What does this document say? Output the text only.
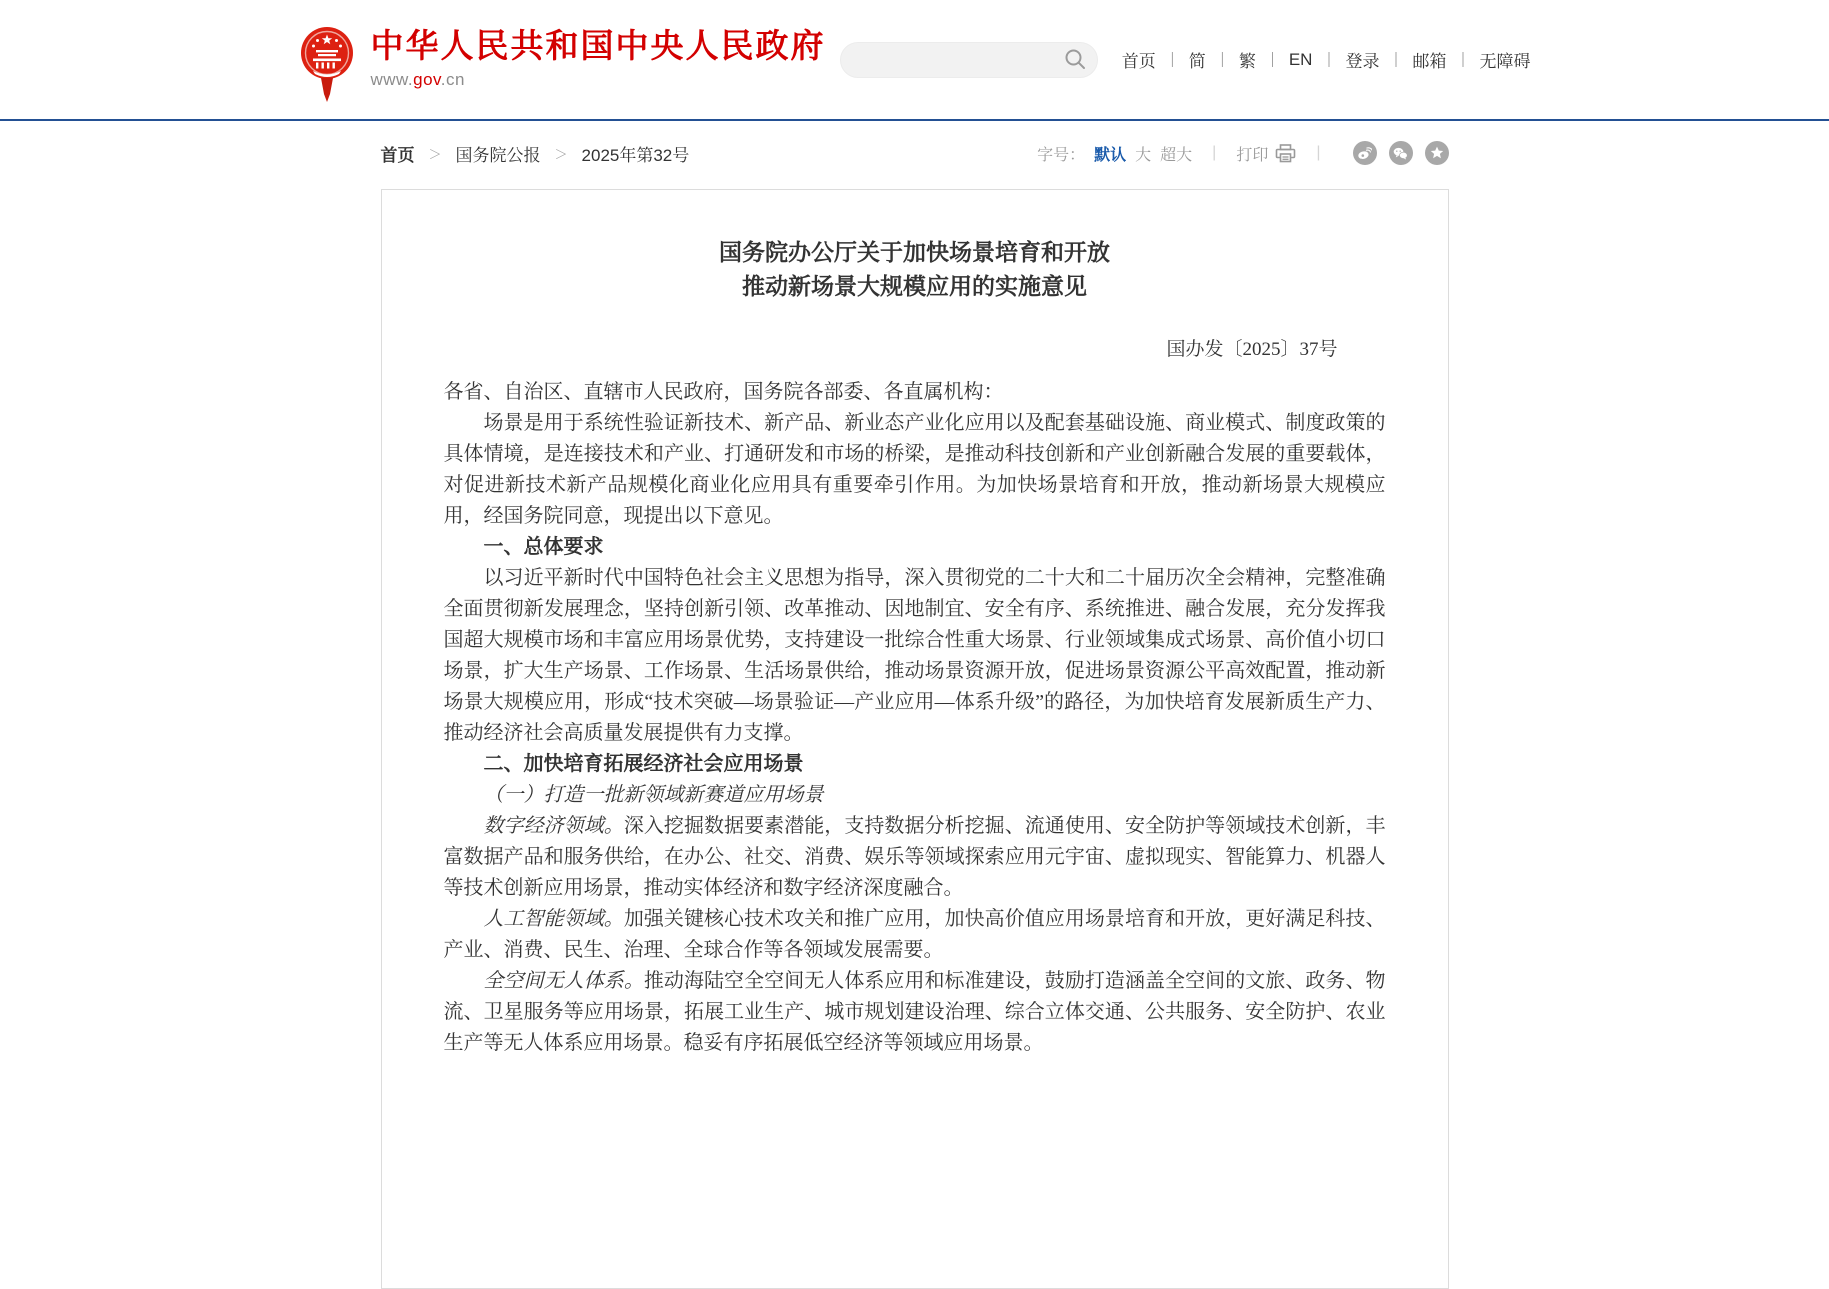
中华人民共和国中央人民政府
www.gov.cn
首页 ｜ 简 ｜ 繁 ｜ EN ｜ 登录 ｜ 邮箱 ｜ 无障碍
首页 ＞ 国务院公报 ＞ 2025年第32号	字号： 默认 大 超大 | 打印	|
国务院办公厅关于加快场景培育和开放
推动新场景大规模应用的实施意见
国办发〔2025〕37号

各省、自治区、直辖市人民政府，国务院各部委、各直属机构：

场景是用于系统性验证新技术、新产品、新业态产业化应用以及配套基础设施、商业模式、制度政策的具体情境，是连接技术和产业、打通研发和市场的桥梁，是推动科技创新和产业创新融合发展的重要载体，对促进新技术新产品规模化商业化应用具有重要牵引作用。为加快场景培育和开放，推动新场景大规模应用，经国务院同意，现提出以下意见。

一、总体要求

以习近平新时代中国特色社会主义思想为指导，深入贯彻党的二十大和二十届历次全会精神，完整准确全面贯彻新发展理念，坚持创新引领、改革推动、因地制宜、安全有序、系统推进、融合发展，充分发挥我国超大规模市场和丰富应用场景优势，支持建设一批综合性重大场景、行业领域集成式场景、高价值小切口场景，扩大生产场景、工作场景、生活场景供给，推动场景资源开放，促进场景资源公平高效配置，推动新场景大规模应用，形成“技术突破—场景验证—产业应用—体系升级”的路径，为加快培育发展新质生产力、推动经济社会高质量发展提供有力支撑。

二、加快培育拓展经济社会应用场景

（一）打造一批新领域新赛道应用场景

数字经济领域。深入挖掘数据要素潜能，支持数据分析挖掘、流通使用、安全防护等领域技术创新，丰富数据产品和服务供给，在办公、社交、消费、娱乐等领域探索应用元宇宙、虚拟现实、智能算力、机器人等技术创新应用场景，推动实体经济和数字经济深度融合。

人工智能领域。加强关键核心技术攻关和推广应用，加快高价值应用场景培育和开放，更好满足科技、产业、消费、民生、治理、全球合作等各领域发展需要。

全空间无人体系。推动海陆空全空间无人体系应用和标准建设，鼓励打造涵盖全空间的文旅、政务、物流、卫星服务等应用场景，拓展工业生产、城市规划建设治理、综合立体交通、公共服务、安全防护、农业生产等无人体系应用场景。稳妥有序拓展低空经济等领域应用场景。
